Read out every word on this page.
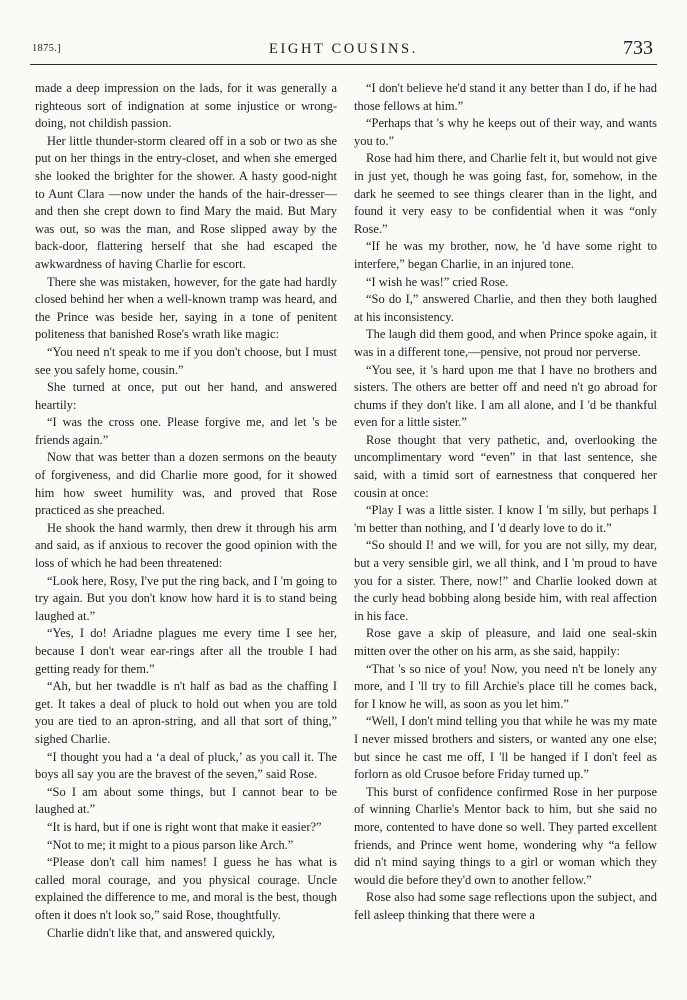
1875.]	EIGHT COUSINS.	733

made a deep impression on the lads, for it was generally a righteous sort of indignation at some injustice or wrong-doing, not childish passion.

Her little thunder-storm cleared off in a sob or two as she put on her things in the entry-closet, and when she emerged she looked the brighter for the shower. A hasty good-night to Aunt Clara —now under the hands of the hair-dresser—and then she crept down to find Mary the maid. But Mary was out, so was the man, and Rose slipped away by the back-door, flattering herself that she had escaped the awkwardness of having Charlie for escort.

There she was mistaken, however, for the gate had hardly closed behind her when a well-known tramp was heard, and the Prince was beside her, saying in a tone of penitent politeness that banished Rose's wrath like magic:

“You need n't speak to me if you don't choose, but I must see you safely home, cousin.”

She turned at once, put out her hand, and answered heartily:

“I was the cross one. Please forgive me, and let 's be friends again.”

Now that was better than a dozen sermons on the beauty of forgiveness, and did Charlie more good, for it showed him how sweet humility was, and proved that Rose practiced as she preached.

He shook the hand warmly, then drew it through his arm and said, as if anxious to recover the good opinion with the loss of which he had been threatened:

“Look here, Rosy, I've put the ring back, and I 'm going to try again. But you don't know how hard it is to stand being laughed at.”

“Yes, I do! Ariadne plagues me every time I see her, because I don't wear ear-rings after all the trouble I had getting ready for them.”

“Ah, but her twaddle is n't half as bad as the chaffing I get. It takes a deal of pluck to hold out when you are told you are tied to an apron-string, and all that sort of thing,” sighed Charlie.

“I thought you had a ‘a deal of pluck,’ as you call it. The boys all say you are the bravest of the seven,” said Rose.

“So I am about some things, but I cannot bear to be laughed at.”

“It is hard, but if one is right wont that make it easier?”

“Not to me; it might to a pious parson like Arch.”

“Please don't call him names! I guess he has what is called moral courage, and you physical courage. Uncle explained the difference to me, and moral is the best, though often it does n't look so,” said Rose, thoughtfully.

Charlie didn't like that, and answered quickly,

“I don't believe he'd stand it any better than I do, if he had those fellows at him.”

“Perhaps that 's why he keeps out of their way, and wants you to.”

Rose had him there, and Charlie felt it, but would not give in just yet, though he was going fast, for, somehow, in the dark he seemed to see things clearer than in the light, and found it very easy to be confidential when it was “only Rose.”

“If he was my brother, now, he 'd have some right to interfere,” began Charlie, in an injured tone.

“I wish he was!” cried Rose.

“So do I,” answered Charlie, and then they both laughed at his inconsistency.

The laugh did them good, and when Prince spoke again, it was in a different tone,—pensive, not proud nor perverse.

“You see, it 's hard upon me that I have no brothers and sisters. The others are better off and need n't go abroad for chums if they don't like. I am all alone, and I 'd be thankful even for a little sister.”

Rose thought that very pathetic, and, overlooking the uncomplimentary word “even” in that last sentence, she said, with a timid sort of earnestness that conquered her cousin at once:

“Play I was a little sister. I know I 'm silly, but perhaps I 'm better than nothing, and I 'd dearly love to do it.”

“So should I! and we will, for you are not silly, my dear, but a very sensible girl, we all think, and I 'm proud to have you for a sister. There, now!” and Charlie looked down at the curly head bobbing along beside him, with real affection in his face.

Rose gave a skip of pleasure, and laid one seal-skin mitten over the other on his arm, as she said, happily:

“That 's so nice of you! Now, you need n't be lonely any more, and I 'll try to fill Archie's place till he comes back, for I know he will, as soon as you let him.”

“Well, I don't mind telling you that while he was my mate I never missed brothers and sisters, or wanted any one else; but since he cast me off, I 'll be hanged if I don't feel as forlorn as old Crusoe before Friday turned up.”

This burst of confidence confirmed Rose in her purpose of winning Charlie's Mentor back to him, but she said no more, contented to have done so well. They parted excellent friends, and Prince went home, wondering why “a fellow did n't mind saying things to a girl or woman which they would die before they'd own to another fellow.”

Rose also had some sage reflections upon the subject, and fell asleep thinking that there were a
